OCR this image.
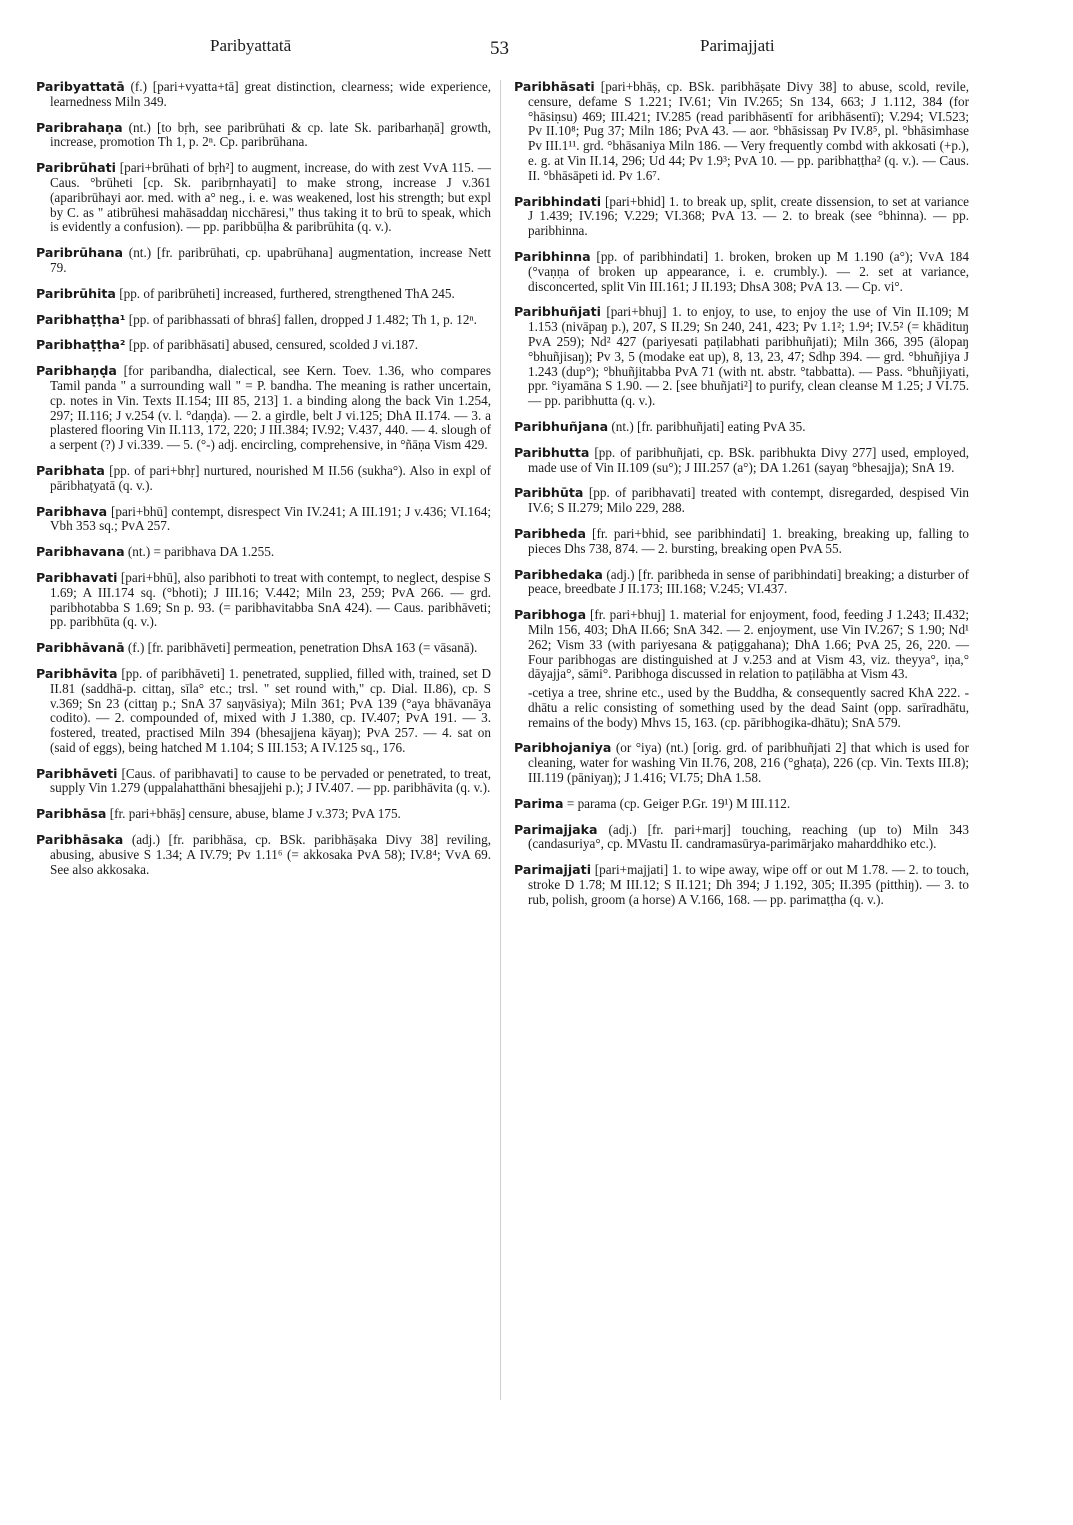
Paribyattatā	53	Parimajjati

Paribyattatā (f.) [pari+vyatta+tā] great distinction, clearness; wide experience, learnedness Miln 349.

Paribrahaṇa (nt.) [to bṛh, see paribrūhati & cp. late Sk. paribarhaṇā] growth, increase, promotion Th 1, p. 2ⁿ. Cp. paribrūhana.

Paribrūhati [pari+brūhati of bṛh²] to augment, increase, do with zest VvA 115. — Caus. °brūheti [cp. Sk. paribṛnhayati] to make strong, increase J v.361 (aparibrūhayi aor. med. with a° neg., i. e. was weakened, lost his strength; but expl by C. as " atibrūhesi mahāsaddaŋ nicchāresi," thus taking it to brū to speak, which is evidently a confusion). — pp. paribbūḷha & paribrūhita (q. v.).

Paribrūhana (nt.) [fr. paribrūhati, cp. upabrūhana] augmentation, increase Nett 79.

Paribrūhita [pp. of paribrūheti] increased, furthered, strengthened ThA 245.

Paribhaṭṭha¹ [pp. of paribhassati of bhraś] fallen, dropped J 1.482; Th 1, p. 12ⁿ.

Paribhaṭṭha² [pp. of paribhāsati] abused, censured, scolded J vi.187.

Paribhaṇḍa [for paribandha, dialectical, see Kern. Toev. 1.36, who compares Tamil panda " a surrounding wall " = P. bandha. The meaning is rather uncertain, cp. notes in Vin. Texts II.154; III 85, 213] 1. a binding along the back Vin 1.254, 297; II.116; J v.254 (v. l. °daṇḍa). — 2. a girdle, belt J vi.125; DhA II.174. — 3. a plastered flooring Vin II.113, 172, 220; J III.384; IV.92; V.437, 440. — 4. slough of a serpent (?) J vi.339. — 5. (°-) adj. encircling, comprehensive, in °ñāṇa Vism 429.

Paribhata [pp. of pari+bhṛ] nurtured, nourished M II.56 (sukha°). Also in expl of pāribhaṭyatā (q. v.).

Paribhava [pari+bhū] contempt, disrespect Vin IV.241; A III.191; J v.436; VI.164; Vbh 353 sq.; PvA 257.

Paribhavana (nt.) = paribhava DA 1.255.

Paribhavati [pari+bhū], also paribhoti to treat with contempt, to neglect, despise S 1.69; A III.174 sq. (°bhoti); J III.16; V.442; Miln 23, 259; PvA 266. — grd. paribhotabba S 1.69; Sn p. 93. (= paribhavitabba SnA 424). — Caus. paribhāveti; pp. paribhūta (q. v.).

Paribhāvanā (f.) [fr. paribhāveti] permeation, penetration DhsA 163 (= vāsanā).

Paribhāvita [pp. of paribhāveti] 1. penetrated, supplied, filled with, trained, set D II.81 (saddhā-p. cittaŋ, sīla° etc.; trsl. " set round with," cp. Dial. II.86), cp. S v.369; Sn 23 (cittaŋ p.; SnA 37 saŋvāsiya); Miln 361; PvA 139 (°aya bhāvanāya codito). — 2. compounded of, mixed with J 1.380, cp. IV.407; PvA 191. — 3. fostered, treated, practised Miln 394 (bhesajjena kāyaŋ); PvA 257. — 4. sat on (said of eggs), being hatched M 1.104; S III.153; A IV.125 sq., 176.

Paribhāveti [Caus. of paribhavati] to cause to be pervaded or penetrated, to treat, supply Vin 1.279 (uppalahatthāni bhesajjehi p.); J IV.407. — pp. paribhāvita (q. v.).

Paribhāsa [fr. pari+bhāṣ] censure, abuse, blame J v.373; PvA 175.

Paribhāsaka (adj.) [fr. paribhāsa, cp. BSk. paribhāṣaka Divy 38] reviling, abusing, abusive S 1.34; A IV.79; Pv 1.11⁶ (= akkosaka PvA 58); IV.8⁴; VvA 69. See also akkosaka.

Paribhāsati [pari+bhāṣ, cp. BSk. paribhāṣate Divy 38] to abuse, scold, revile, censure, defame S 1.221; IV.61; Vin IV.265; Sn 134, 663; J 1.112, 384 (for °hāsiṇsu) 469; III.421; IV.285 (read paribhāsentī for aribhāsentī); V.294; VI.523; Pv II.10⁸; Pug 37; Miln 186; PvA 43. — aor. °bhāsissaŋ Pv IV.8⁵, pl. °bhāsimhase Pv III.1¹¹. grd. °bhāsaniya Miln 186. — Very frequently combd with akkosati (+p.), e. g. at Vin II.14, 296; Ud 44; Pv 1.9³; PvA 10. — pp. paribhaṭṭha² (q. v.). — Caus. II. °bhāsāpeti id. Pv 1.6⁷.

Paribhindati [pari+bhid] 1. to break up, split, create dissension, to set at variance J 1.439; IV.196; V.229; VI.368; PvA 13. — 2. to break (see °bhinna). — pp. paribhinna.

Paribhinna [pp. of paribhindati] 1. broken, broken up M 1.190 (a°); VvA 184 (°vaṇṇa of broken up appearance, i. e. crumbly.). — 2. set at variance, disconcerted, split Vin III.161; J II.193; DhsA 308; PvA 13. — Cp. vi°.

Paribhuñjati [pari+bhuj] 1. to enjoy, to use, to enjoy the use of Vin II.109; M 1.153 (nivāpaŋ p.), 207, S II.29; Sn 240, 241, 423; Pv 1.1²; 1.9⁴; IV.5² (= khādituŋ PvA 259); Nd² 427 (pariyesati paṭilabhati paribhuñjati); Miln 366, 395 (ālopaŋ °bhuñjisaŋ); Pv 3, 5 (modake eat up), 8, 13, 23, 47; Sdhp 394. — grd. °bhuñjiya J 1.243 (dup°); °bhuñjitabba PvA 71 (with nt. abstr. °tabbatta). — Pass. °bhuñjiyati, ppr. °iyamāna S 1.90. — 2. [see bhuñjati²] to purify, clean cleanse M 1.25; J VI.75. — pp. paribhutta (q. v.).

Paribhuñjana (nt.) [fr. paribhuñjati] eating PvA 35.

Paribhutta [pp. of paribhuñjati, cp. BSk. paribhukta Divy 277] used, employed, made use of Vin II.109 (su°); J III.257 (a°); DA 1.261 (sayaŋ °bhesajja); SnA 19.

Paribhūta [pp. of paribhavati] treated with contempt, disregarded, despised Vin IV.6; S II.279; Milo 229, 288.

Paribheda [fr. pari+bhid, see paribhindati] 1. breaking, breaking up, falling to pieces Dhs 738, 874. — 2. bursting, breaking open PvA 55.

Paribhedaka (adj.) [fr. paribheda in sense of paribhindati] breaking; a disturber of peace, breedbate J II.173; III.168; V.245; VI.437.

Paribhoga [fr. pari+bhuj] 1. material for enjoyment, food, feeding J 1.243; II.432; Miln 156, 403; DhA II.66; SnA 342. — 2. enjoyment, use Vin IV.267; S 1.90; Nd¹ 262; Vism 33 (with pariyesana & paṭiggahana); DhA 1.66; PvA 25, 26, 220. — Four paribhogas are distinguished at J v.253 and at Vism 43, viz. theyya°, iṇa,° dāyajja°, sāmi°. Paribhoga discussed in relation to paṭilābha at Vism 43.

-cetiya a tree, shrine etc., used by the Buddha, & consequently sacred KhA 222. -dhātu a relic consisting of something used by the dead Saint (opp. sarīradhātu, remains of the body) Mhvs 15, 163. (cp. pāribhogika-dhātu); SnA 579.

Paribhojaniya (or °iya) (nt.) [orig. grd. of paribhuñjati 2] that which is used for cleaning, water for washing Vin II.76, 208, 216 (°ghaṭa), 226 (cp. Vin. Texts III.8); III.119 (pāniyaŋ); J 1.416; VI.75; DhA 1.58.

Parima = parama (cp. Geiger P.Gr. 19¹) M III.112.

Parimajjaka (adj.) [fr. pari+marj] touching, reaching (up to) Miln 343 (candasuriya°, cp. MVastu II. candramasūrya-parimārjako maharddhiko etc.).

Parimajjati [pari+majjati] 1. to wipe away, wipe off or out M 1.78. — 2. to touch, stroke D 1.78; M III.12; S II.121; Dh 394; J 1.192, 305; II.395 (pitthiŋ). — 3. to rub, polish, groom (a horse) A V.166, 168. — pp. parimaṭṭha (q. v.).
